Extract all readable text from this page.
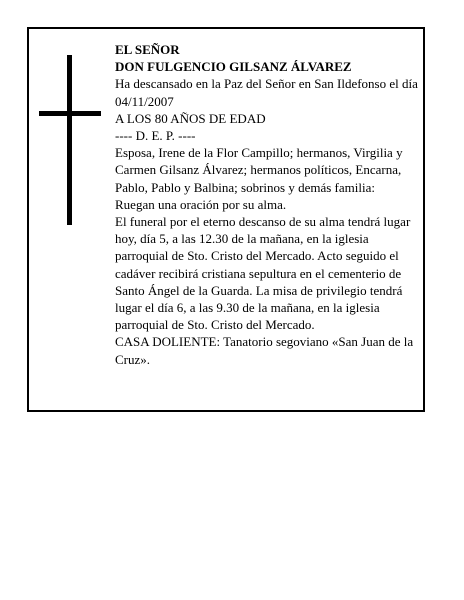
EL SEÑOR

DON FULGENCIO GILSANZ ÁLVAREZ

Ha descansado en la Paz del Señor en San Ildefonso el día 04/11/2007

A LOS 80 AÑOS DE EDAD

---- D. E. P. ----

Esposa, Irene de la Flor Campillo; hermanos, Virgilia y Carmen Gilsanz Álvarez; hermanos políticos, Encarna, Pablo, Pablo y Balbina; sobrinos y demás familia:

Ruegan una oración por su alma.

El funeral por el eterno descanso de su alma tendrá lugar hoy, día 5, a las 12.30 de la mañana, en la iglesia parroquial de Sto. Cristo del Mercado. Acto seguido el cadáver recibirá cristiana sepultura en el cementerio de Santo Ángel de la Guarda. La misa de privilegio tendrá lugar el día 6, a las 9.30 de la mañana, en la iglesia parroquial de Sto. Cristo del Mercado.

CASA DOLIENTE: Tanatorio segoviano «San Juan de la Cruz».
